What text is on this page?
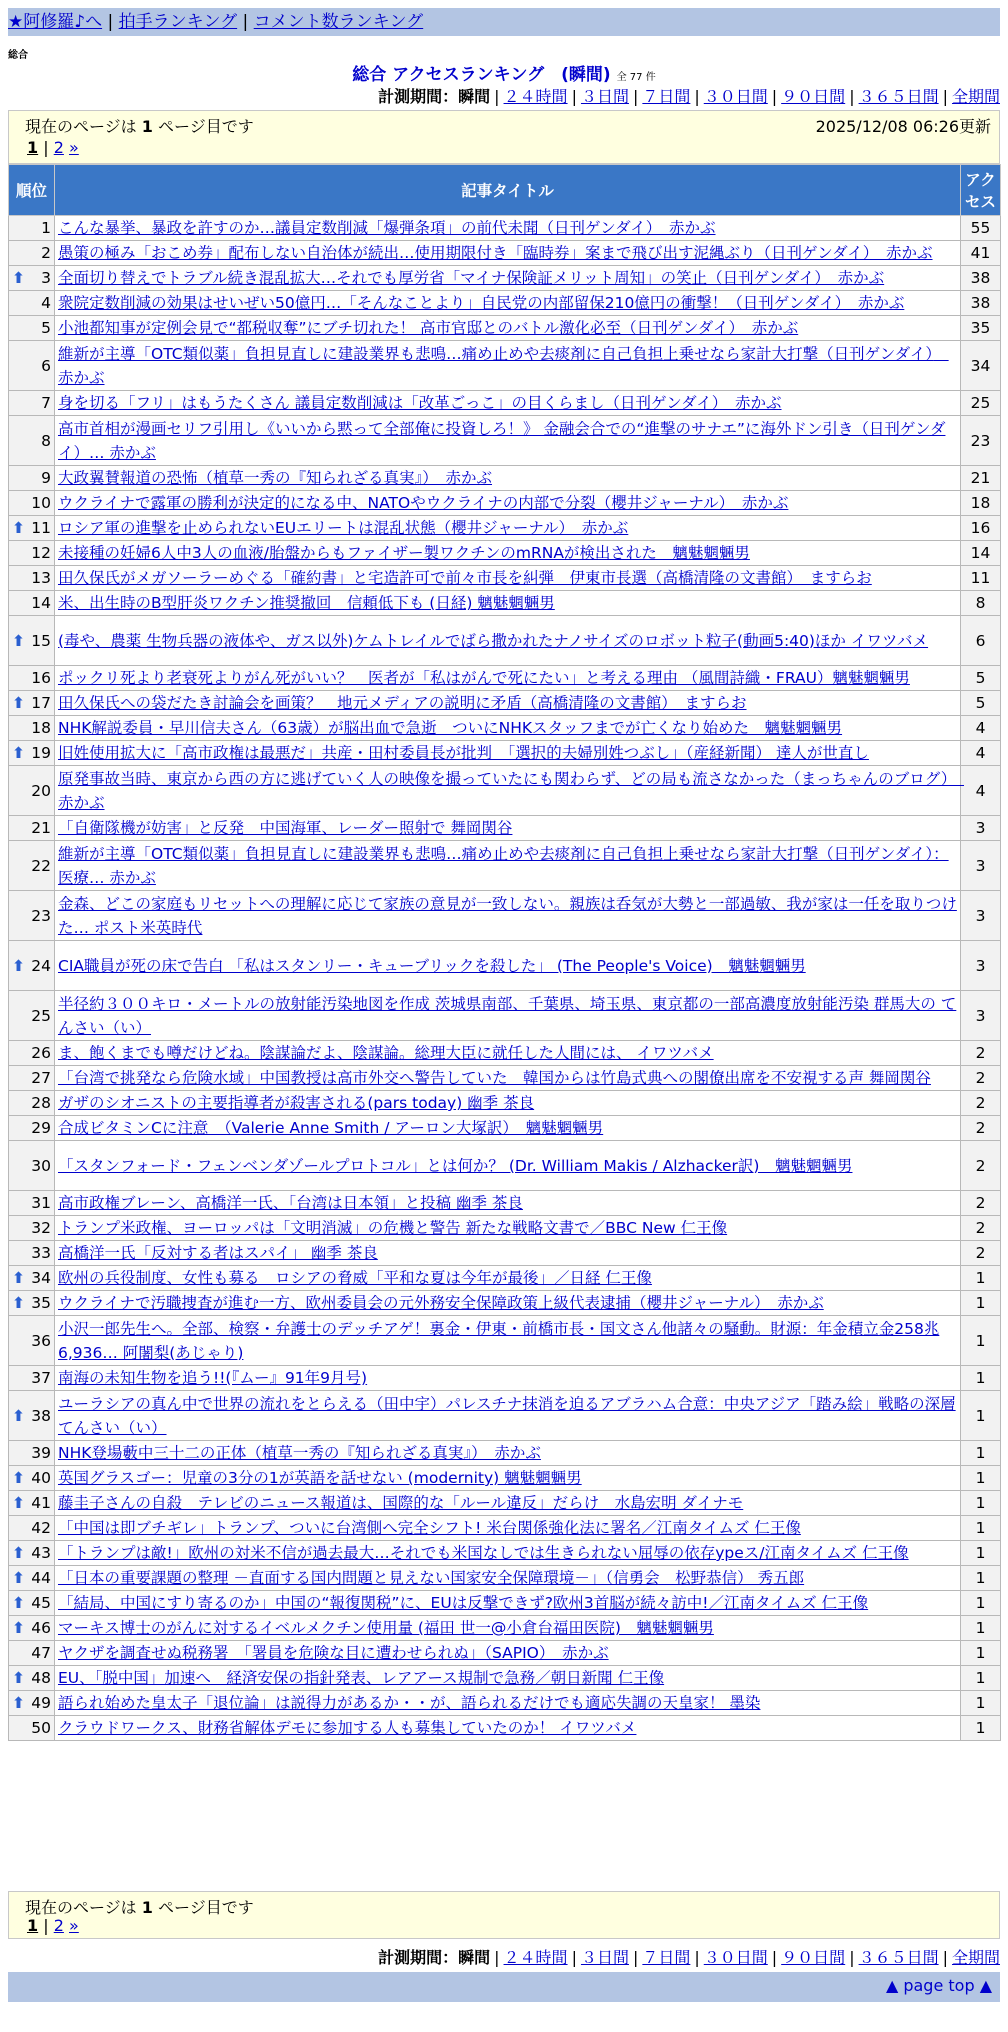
★阿修羅♪へ | 拍手ランキング | コメント数ランキング
総合
総合 アクセスランキング　(瞬間) 全 77 件
計測期間：瞬間 | ２４時間 | ３日間 | ７日間 | ３０日間 | ９０日間 | ３６５日間 | 全期間
現在のページは 1 ページ目です	2025/12/08 06:26更新
1 | 2 »
順位	記事タイトル	アクセス
1	こんな暴挙、暴政を許すのか…議員定数削減「爆弾条項」の前代未聞（日刊ゲンダイ）　赤かぶ	55
2	愚策の極み「おこめ券」配布しない自治体が続出…使用期限付き「臨時券」案まで飛び出す泥縄ぶり（日刊ゲンダイ）　赤かぶ	41

⬆ 3	全面切り替えでトラブル続き混乱拡大…それでも厚労省「マイナ保険証メリット周知」の笑止（日刊ゲンダイ）　赤かぶ	38
4	衆院定数削減の効果はせいぜい50億円…「そんなことより」自民党の内部留保210億円の衝撃！（日刊ゲンダイ）　赤かぶ	38
5	小池都知事が定例会見で“都税収奪”にブチ切れた！ 高市官邸とのバトル激化必至（日刊ゲンダイ）　赤かぶ	35
6	維新が主導「OTC類似薬」負担見直しに建設業界も悲鳴…痛め止めや去痰剤に自己負担上乗せなら家計大打撃（日刊ゲンダイ）　赤かぶ	34
7	身を切る「フリ」はもうたくさん 議員定数削減は「改革ごっこ」の目くらまし（日刊ゲンダイ）　赤かぶ	25
8	高市首相が漫画セリフ引用し《いいから黙って全部俺に投資しろ！》 金融会合での“進撃のサナエ”に海外ドン引き（日刊ゲンダイ）… 赤かぶ	23
9	大政翼賛報道の恐怖（植草一秀の『知られざる真実』）　赤かぶ	21
10	ウクライナで露軍の勝利が決定的になる中、NATOやウクライナの内部で分裂（櫻井ジャーナル）　赤かぶ	18

⬆ 11	ロシア軍の進撃を止められないEUエリートは混乱状態（櫻井ジャーナル）　赤かぶ	16
12	未接種の妊婦6人中3人の血液/胎盤からもファイザー製ワクチンのmRNAが検出された　魑魅魍魎男	14
13	田久保氏がメガソーラーめぐる「確約書」と宅造許可で前々市長を糾弾　伊東市長選（高橋清隆の文書館）　ますらお	11
14	米、出生時のB型肝炎ワクチン推奨撤回　信頼低下も (日経) 魑魅魍魎男	8

⬆ 15	(毒や、農薬 生物兵器の液体や、ガス以外)ケムトレイルでばら撒かれたナノサイズのロボット粒子(動画5:40)ほか イワツバメ	6
16	ポックリ死より老衰死よりがん死がいい？　医者が「私はがんで死にたい」と考える理由 （風間詩織・FRAU）魑魅魍魎男	5

⬆ 17	田久保氏への袋だたき討論会を画策？　地元メディアの説明に矛盾（高橋清隆の文書館）　ますらお	5
18	NHK解説委員・早川信夫さん（63歳）が脳出血で急逝　ついにNHKスタッフまでが亡くなり始めた　魑魅魍魎男	4

⬆ 19	旧姓使用拡大に「高市政権は最悪だ」共産・田村委員長が批判　「選択的夫婦別姓つぶし」（産経新聞） 達人が世直し	4
20	原発事故当時、東京から西の方に逃げていく人の映像を撮っていたにも関わらず、どの局も流さなかった（まっちゃんのブログ）　赤かぶ	4
21	「自衛隊機が妨害」と反発　中国海軍、レーダー照射で 舞岡関谷	3
22	維新が主導「OTC類似薬」負担見直しに建設業界も悲鳴…痛め止めや去痰剤に自己負担上乗せなら家計大打撃（日刊ゲンダイ）：医療… 赤かぶ	3
23	金森、どこの家庭もリセットへの理解に応じて家族の意見が一致しない。親族は呑気が大勢と一部過敏、我が家は一任を取りつけた… ポスト米英時代	3

⬆ 24	CIA職員が死の床で告白 「私はスタンリー・キューブリックを殺した」 (The People's Voice)　魑魅魍魎男	3
25	半径約３００キロ・メートルの放射能汚染地図を作成 茨城県南部、千葉県、埼玉県、東京都の一部高濃度放射能汚染 群馬大の てんさい（い）	3
26	ま、飽くまでも噂だけどね。陰謀論だよ、陰謀論。総理大臣に就任した人間には、 イワツバメ	2
27	「台湾で挑発なら危険水域」中国教授は高市外交へ警告していた　韓国からは竹島式典への閣僚出席を不安視する声 舞岡関谷	2
28	ガザのシオニストの主要指導者が殺害される(pars today) 幽季 茶良	2
29	合成ビタミンCに注意　（Valerie Anne Smith / アーロン大塚訳）　魑魅魍魎男	2
30	「スタンフォード・フェンベンダゾールプロトコル」とは何か？ (Dr. William Makis / Alzhacker訳)　魑魅魍魎男	2
31	高市政権ブレーン、高橋洋一氏、「台湾は日本領」と投稿 幽季 茶良	2
32	トランプ米政権、ヨーロッパは「文明消滅」の危機と警告 新たな戦略文書で／BBC New 仁王像	2
33	高橋洋一氏「反対する者はスパイ」 幽季 茶良	2

⬆ 34	欧州の兵役制度、女性も募る　ロシアの脅威「平和な夏は今年が最後」／日経 仁王像	1

⬆ 35	ウクライナで汚職捜査が進む一方、欧州委員会の元外務安全保障政策上級代表逮捕（櫻井ジャーナル）　赤かぶ	1
36	小沢一郎先生へ。全部、検察・弁護士のデッチアゲ！裏金・伊東・前橋市長・国文さん他諸々の騒動。財源：年金積立金258兆6,936… 阿闍梨(あじゃり)	1
37	南海の未知生物を追う!!(『ムー』91年9月号)	1

⬆ 38	ユーラシアの真ん中で世界の流れをとらえる（田中宇）パレスチナ抹消を迫るアブラハム合意：中央アジア「踏み絵」戦略の深層 てんさい（い）	1
39	NHK登場藪中三十二の正体（植草一秀の『知られざる真実』）　赤かぶ	1

⬆ 40	英国グラスゴー：児童の3分の1が英語を話せない (modernity) 魑魅魍魎男	1

⬆ 41	藤圭子さんの自殺　テレビのニュース報道は、国際的な「ルール違反」だらけ　水島宏明 ダイナモ	1
42	「中国は即ブチギレ」トランプ、ついに台湾側へ完全シフト! 米台関係強化法に署名／江南タイムズ 仁王像	1

⬆ 43	「トランプは敵!」欧州の対米不信が過去最大…それでも米国なしでは生きられない屈辱の依存ypeス/江南タイムズ 仁王像	1

⬆ 44	「日本の重要課題の整理 －直面する国内問題と見えない国家安全保障環境－」（信勇会　松野恭信） 秀五郎	1

⬆ 45	「結局、中国にすり寄るのか」中国の“報復関税”に、EUは反撃できず?欧州3首脳が続々訪中!／江南タイムズ 仁王像	1

⬆ 46	マーキス博士のがんに対するイベルメクチン使用量 (福田 世一@小倉台福田医院)　魑魅魍魎男	1
47	ヤクザを調査せぬ税務署　「署員を危険な目に遭わせられぬ」（SAPIO）　赤かぶ	1

⬆ 48	EU、「脱中国」加速へ　経済安保の指針発表、レアアース規制で急務／朝日新聞 仁王像	1

⬆ 49	語られ始めた皇太子「退位論」は説得力があるか・・が、語られるだけでも適応失調の天皇家！ 墨染	1
50	クラウドワークス、財務省解体デモに参加する人も募集していたのか！ イワツバメ	1
現在のページは 1 ページ目です
1 | 2 »
計測期間：瞬間 | ２４時間 | ３日間 | ７日間 | ３０日間 | ９０日間 | ３６５日間 | 全期間
▲ page top ▲
